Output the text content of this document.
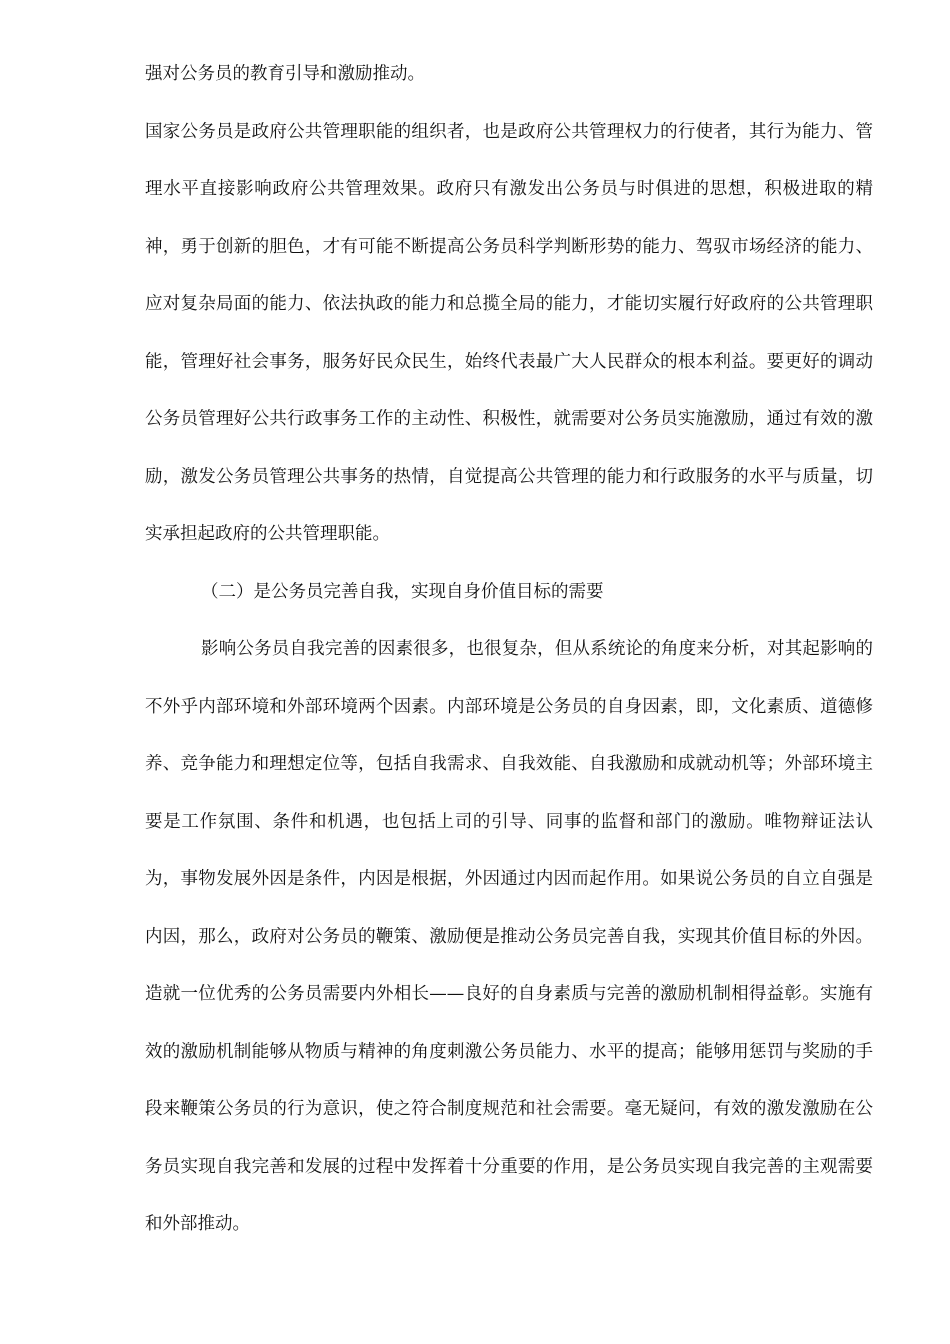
强对公务员的教育引导和激励推动。

国家公务员是政府公共管理职能的组织者，也是政府公共管理权力的行使者，其行为能力、管理水平直接影响政府公共管理效果。政府只有激发出公务员与时俱进的思想，积极进取的精神，勇于创新的胆色，才有可能不断提高公务员科学判断形势的能力、驾驭市场经济的能力、应对复杂局面的能力、依法执政的能力和总揽全局的能力，才能切实履行好政府的公共管理职能，管理好社会事务，服务好民众民生，始终代表最广大人民群众的根本利益。要更好的调动公务员管理好公共行政事务工作的主动性、积极性，就需要对公务员实施激励，通过有效的激励，激发公务员管理公共事务的热情，自觉提高公共管理的能力和行政服务的水平与质量，切实承担起政府的公共管理职能。

（二）是公务员完善自我，实现自身价值目标的需要

影响公务员自我完善的因素很多，也很复杂，但从系统论的角度来分析，对其起影响的不外乎内部环境和外部环境两个因素。内部环境是公务员的自身因素，即，文化素质、道德修养、竞争能力和理想定位等，包括自我需求、自我效能、自我激励和成就动机等；外部环境主要是工作氛围、条件和机遇，也包括上司的引导、同事的监督和部门的激励。唯物辩证法认为，事物发展外因是条件，内因是根据，外因通过内因而起作用。如果说公务员的自立自强是内因，那么，政府对公务员的鞭策、激励便是推动公务员完善自我，实现其价值目标的外因。造就一位优秀的公务员需要内外相长——良好的自身素质与完善的激励机制相得益彰。实施有效的激励机制能够从物质与精神的角度刺激公务员能力、水平的提高；能够用惩罚与奖励的手段来鞭策公务员的行为意识，使之符合制度规范和社会需要。毫无疑问，有效的激发激励在公务员实现自我完善和发展的过程中发挥着十分重要的作用，是公务员实现自我完善的主观需要和外部推动。
